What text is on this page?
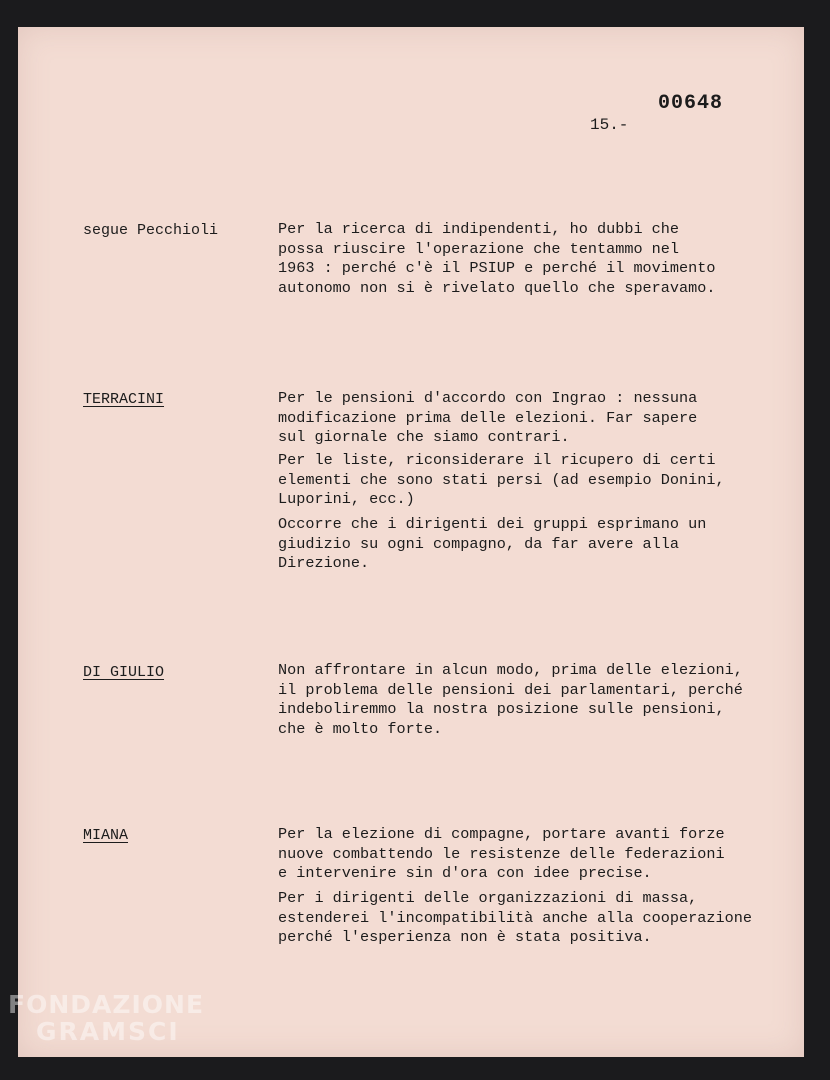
00648
15.-
segue Pecchioli	Per la ricerca di indipendenti, ho dubbi che
possa riuscire l'operazione che tentammo nel
1963 : perché c'è il PSIUP e perché il movimento
autonomo non si è rivelato quello che speravamo.

TERRACINI	Per le pensioni d'accordo con Ingrao : nessuna
modificazione prima delle elezioni. Far sapere
sul giornale che siamo contrari.

Per le liste, riconsiderare il ricupero di certi
elementi che sono stati persi (ad esempio Donini,
Luporini, ecc.)

Occorre che i dirigenti dei gruppi esprimano un
giudizio su ogni compagno, da far avere alla
Direzione.

DI GIULIO	Non affrontare in alcun modo, prima delle elezioni,
il problema delle pensioni dei parlamentari, perché
indeboliremmo la nostra posizione sulle pensioni,
che è molto forte.

MIANA	Per la elezione di compagne, portare avanti forze
nuove combattendo le resistenze delle federazioni
e intervenire sin d'ora con idee precise.

Per i dirigenti delle organizzazioni di massa,
estenderei l'incompatibilità anche alla cooperazione
perché l'esperienza non è stata positiva.

FONDAZIONE
GRAMSCI
